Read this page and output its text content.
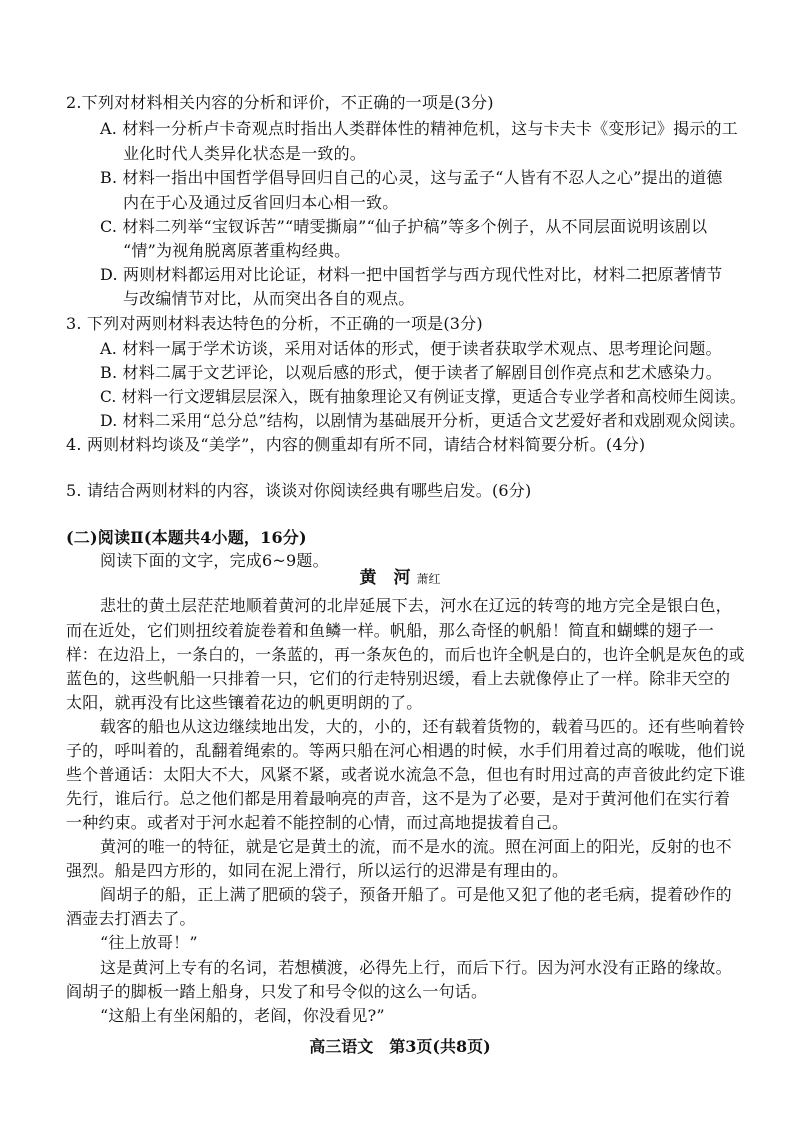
2.下列对材料相关内容的分析和评价，不正确的一项是(3分)
A. 材料一分析卢卡奇观点时指出人类群体性的精神危机，这与卡夫卡《变形记》揭示的工
业化时代人类异化状态是一致的。
B. 材料一指出中国哲学倡导回归自己的心灵，这与孟子“人皆有不忍人之心”提出的道德
内在于心及通过反省回归本心相一致。
C. 材料二列举“宝钗诉苦”“晴雯撕扇”“仙子护稿”等多个例子，从不同层面说明该剧以
“情”为视角脱离原著重构经典。
D. 两则材料都运用对比论证，材料一把中国哲学与西方现代性对比，材料二把原著情节
与改编情节对比，从而突出各自的观点。
3. 下列对两则材料表达特色的分析，不正确的一项是(3分)
A. 材料一属于学术访谈，采用对话体的形式，便于读者获取学术观点、思考理论问题。
B. 材料二属于文艺评论，以观后感的形式，便于读者了解剧目创作亮点和艺术感染力。
C. 材料一行文逻辑层层深入，既有抽象理论又有例证支撑，更适合专业学者和高校师生阅读。
D. 材料二采用“总分总”结构，以剧情为基础展开分析，更适合文艺爱好者和戏剧观众阅读。
4. 两则材料均谈及“美学”，内容的侧重却有所不同，请结合材料简要分析。(4分)
5. 请结合两则材料的内容，谈谈对你阅读经典有哪些启发。(6分)
(二)阅读Ⅱ(本题共4小题，16分)
阅读下面的文字，完成6~9题。
黄　河 萧红
悲壮的黄土层茫茫地顺着黄河的北岸延展下去，河水在辽远的转弯的地方完全是银白色，
而在近处，它们则扭绞着旋卷着和鱼鳞一样。帆船，那么奇怪的帆船！简直和蝴蝶的翅子一
样：在边沿上，一条白的，一条蓝的，再一条灰色的，而后也许全帆是白的，也许全帆是灰色的或
蓝色的，这些帆船一只排着一只，它们的行走特别迟缓，看上去就像停止了一样。除非天空的
太阳，就再没有比这些镶着花边的帆更明朗的了。
载客的船也从这边继续地出发，大的，小的，还有载着货物的，载着马匹的。还有些响着铃
子的，呼叫着的，乱翻着绳索的。等两只船在河心相遇的时候，水手们用着过高的喉咙，他们说
些个普通话：太阳大不大，风紧不紧，或者说水流急不急，但也有时用过高的声音彼此约定下谁
先行，谁后行。总之他们都是用着最响亮的声音，这不是为了必要，是对于黄河他们在实行着
一种约束。或者对于河水起着不能控制的心情，而过高地提拔着自己。
黄河的唯一的特征，就是它是黄土的流，而不是水的流。照在河面上的阳光，反射的也不
强烈。船是四方形的，如同在泥上滑行，所以运行的迟滞是有理由的。
阎胡子的船，正上满了肥硕的袋子，预备开船了。可是他又犯了他的老毛病，提着砂作的
酒壶去打酒去了。
“往上放哥！”
这是黄河上专有的名词，若想横渡，必得先上行，而后下行。因为河水没有正路的缘故。
阎胡子的脚板一踏上船身，只发了和号令似的这么一句话。
“这船上有坐闲船的，老阎，你没看见?”
高三语文　第3页(共8页)
